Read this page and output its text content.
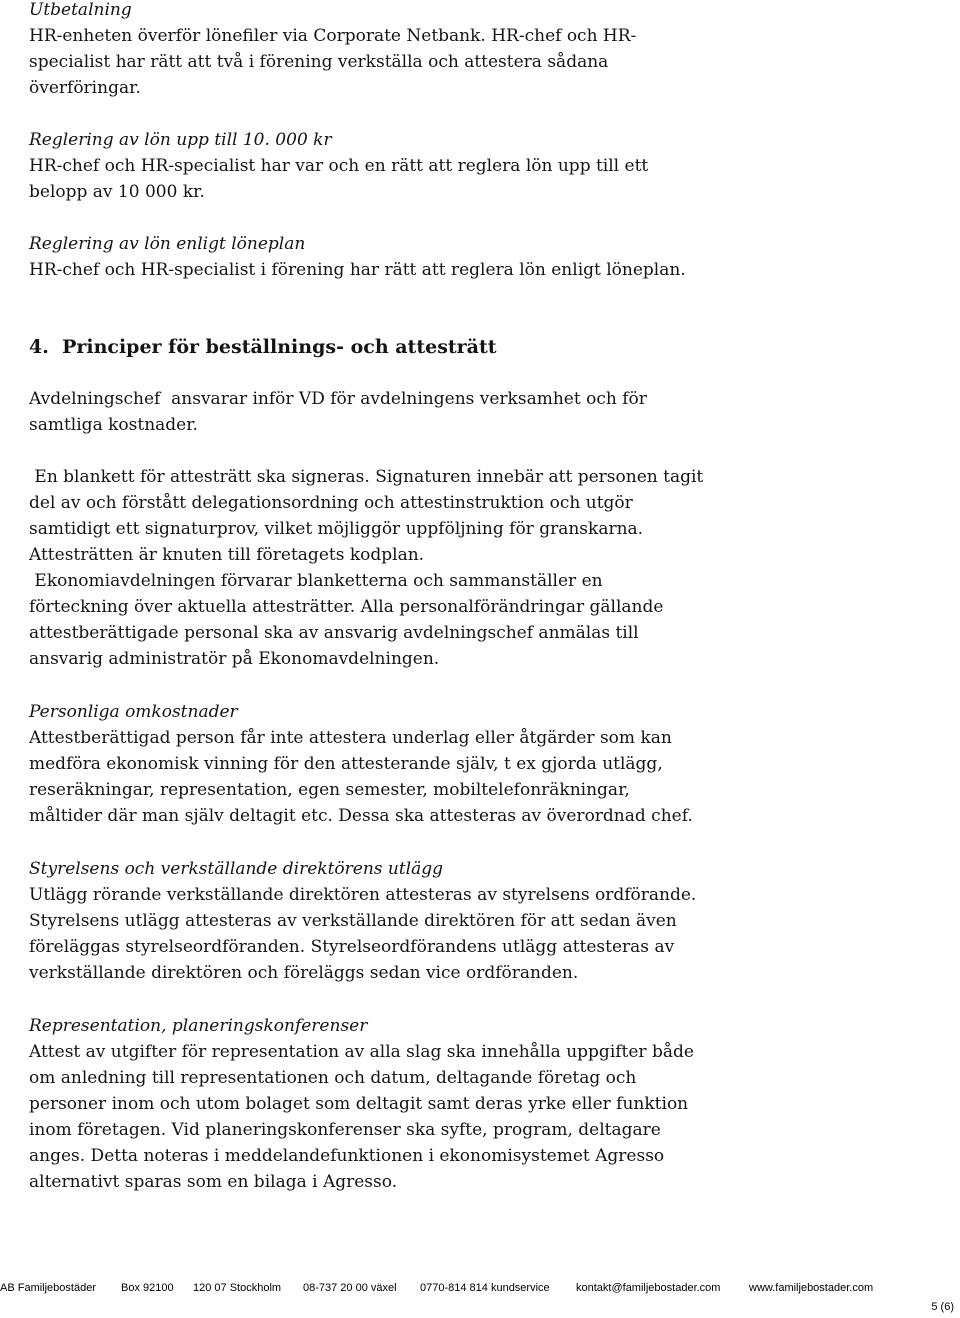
Utbetalning

HR-enheten överför lönefiler via Corporate Netbank. HR-chef och HR-

specialist har rätt att två i förening verkställa och attestera sådana

överföringar.

Reglering av lön upp till 10. 000 kr

HR-chef och HR-specialist har var och en rätt att reglera lön upp till ett

belopp av 10 000 kr.

Reglering av lön enligt löneplan

HR-chef och HR-specialist i förening har rätt att reglera lön enligt löneplan.

4.  Principer för beställnings- och attesträtt

Avdelningschef  ansvarar inför VD för avdelningens verksamhet och för

samtliga kostnader.

En blankett för attesträtt ska signeras. Signaturen innebär att personen tagit

del av och förstått delegationsordning och attestinstruktion och utgör

samtidigt ett signaturprov, vilket möjliggör uppföljning för granskarna.

Attesträtten är knuten till företagets kodplan.

Ekonomiavdelningen förvarar blanketterna och sammanställer en

förteckning över aktuella attesträtter. Alla personalförändringar gällande

attestberättigade personal ska av ansvarig avdelningschef anmälas till

ansvarig administratör på Ekonomavdelningen.

Personliga omkostnader

Attestberättigad person får inte attestera underlag eller åtgärder som kan

medföra ekonomisk vinning för den attesterande själv, t ex gjorda utlägg,

reseräkningar, representation, egen semester, mobiltelefonräkningar,

måltider där man själv deltagit etc. Dessa ska attesteras av överordnad chef.

Styrelsens och verkställande direktörens utlägg

Utlägg rörande verkställande direktören attesteras av styrelsens ordförande.

Styrelsens utlägg attesteras av verkställande direktören för att sedan även

föreläggas styrelseordföranden. Styrelseordförandens utlägg attesteras av

verkställande direktören och föreläggs sedan vice ordföranden.

Representation, planeringskonferenser

Attest av utgifter för representation av alla slag ska innehålla uppgifter både

om anledning till representationen och datum, deltagande företag och

personer inom och utom bolaget som deltagit samt deras yrke eller funktion

inom företagen. Vid planeringskonferenser ska syfte, program, deltagare

anges. Detta noteras i meddelandefunktionen i ekonomisystemet Agresso

alternativt sparas som en bilaga i Agresso.

AB Familjebostäder Box 92100 120 07 Stockholm 08-737 20 00 växel 0770-814 814 kundservice kontakt@familjebostader.com	www.familjebostader.com
5 (6)
